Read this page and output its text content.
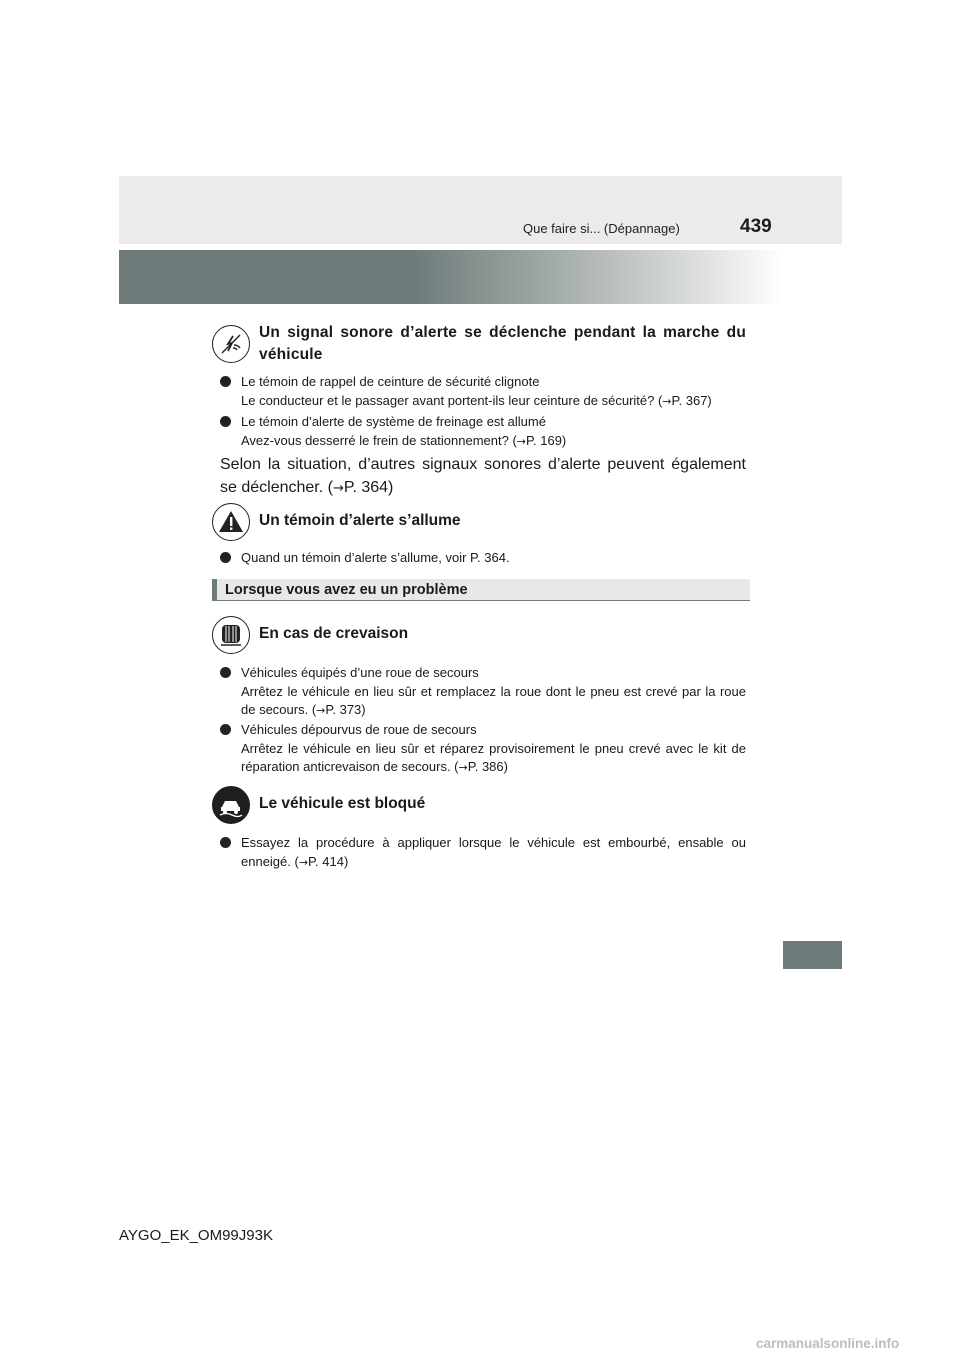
Que faire si... (Dépannage)	439
Un signal sonore d’alerte se déclenche pendant la marche du véhicule
Le témoin de rappel de ceinture de sécurité clignote
Le conducteur et le passager avant portent-ils leur ceinture de sécurité? (→P. 367)
Le témoin d’alerte de système de freinage est allumé
Avez-vous desserré le frein de stationnement? (→P. 169)
Selon la situation, d’autres signaux sonores d’alerte peuvent également se déclencher. (→P. 364)
Un témoin d’alerte s’allume
Quand un témoin d’alerte s’allume, voir P. 364.
Lorsque vous avez eu un problème
En cas de crevaison
Véhicules équipés d’une roue de secours
Arrêtez le véhicule en lieu sûr et remplacez la roue dont le pneu est crevé par la roue de secours. (→P. 373)
Véhicules dépourvus de roue de secours
Arrêtez le véhicule en lieu sûr et réparez provisoirement le pneu crevé avec le kit de réparation anticrevaison de secours. (→P. 386)
Le véhicule est bloqué
Essayez la procédure à appliquer lorsque le véhicule est embourbé, ensable ou enneigé. (→P. 414)
AYGO_EK_OM99J93K
carmanualsonline.info
